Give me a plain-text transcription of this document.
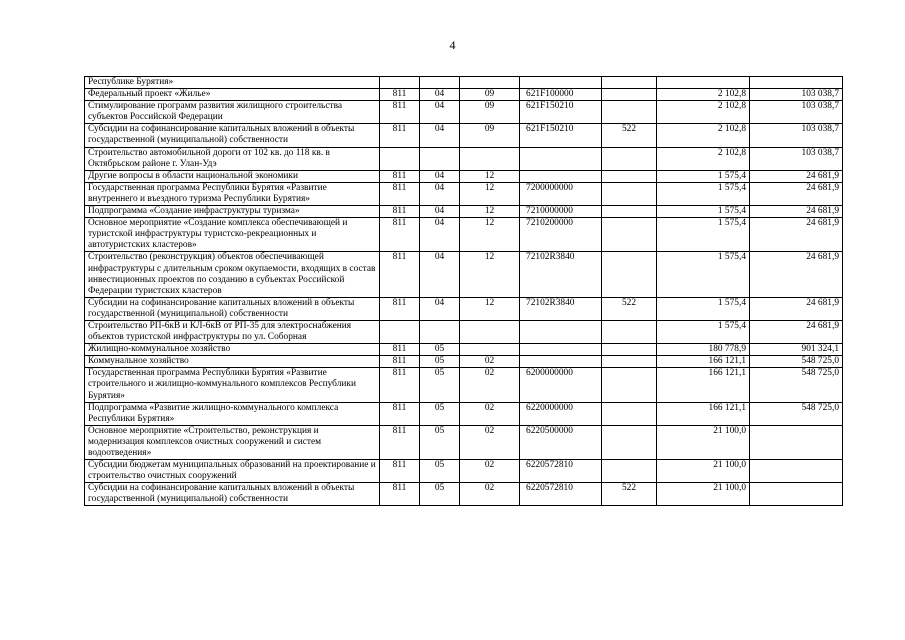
4
Республике Бурятия»							
Федеральный проект «Жилье»	811	04	09	621F100000		2 102,8	103 038,7
Стимулирование программ развития жилищного строительства субъектов Российской Федерации	811	04	09	621F150210		2 102,8	103 038,7
Субсидии на софинансирование капитальных вложений в объекты государственной (муниципальной) собственности	811	04	09	621F150210	522	2 102,8	103 038,7
Строительство автомобильной дороги от 102 кв. до 118 кв. в Октябрьском районе г. Улан-Удэ						2 102,8	103 038,7
Другие вопросы в области национальной экономики	811	04	12			1 575,4	24 681,9
Государственная программа Республики Бурятия «Развитие внутреннего и въездного туризма Республики Бурятия»	811	04	12	7200000000		1 575,4	24 681,9
Подпрограмма «Создание инфраструктуры туризма»	811	04	12	7210000000		1 575,4	24 681,9
Основное мероприятие «Создание комплекса обеспечивающей и туристской инфраструктуры туристско-рекреационных и автотуристских кластеров»	811	04	12	7210200000		1 575,4	24 681,9
Строительство (реконструкция) объектов обеспечивающей инфраструктуры с длительным сроком окупаемости, входящих в состав инвестиционных проектов по созданию в субъектах Российской Федерации туристских кластеров	811	04	12	72102R3840		1 575,4	24 681,9
Субсидии на софинансирование капитальных вложений в объекты государственной (муниципальной) собственности	811	04	12	72102R3840	522	1 575,4	24 681,9
Строительство РП-6кВ и КЛ-6кВ от РП-35 для электроснабжения объектов туристской инфраструктуры по ул. Соборная						1 575,4	24 681,9
Жилищно-коммунальное хозяйство	811	05				180 778,9	901 324,1
Коммунальное хозяйство	811	05	02			166 121,1	548 725,0
Государственная программа Республики Бурятия «Развитие строительного и жилищно-коммунального комплексов Республики Бурятия»	811	05	02	6200000000		166 121,1	548 725,0
Подпрограмма «Развитие жилищно-коммунального комплекса Республики Бурятия»	811	05	02	6220000000		166 121,1	548 725,0
Основное мероприятие «Строительство, реконструкция и модернизация комплексов очистных сооружений и систем водоотведения»	811	05	02	6220500000		21 100,0	
Субсидии бюджетам муниципальных образований на проектирование и строительство очистных сооружений	811	05	02	6220572810		21 100,0	
Субсидии на софинансирование капитальных вложений в объекты государственной (муниципальной) собственности	811	05	02	6220572810	522	21 100,0	
